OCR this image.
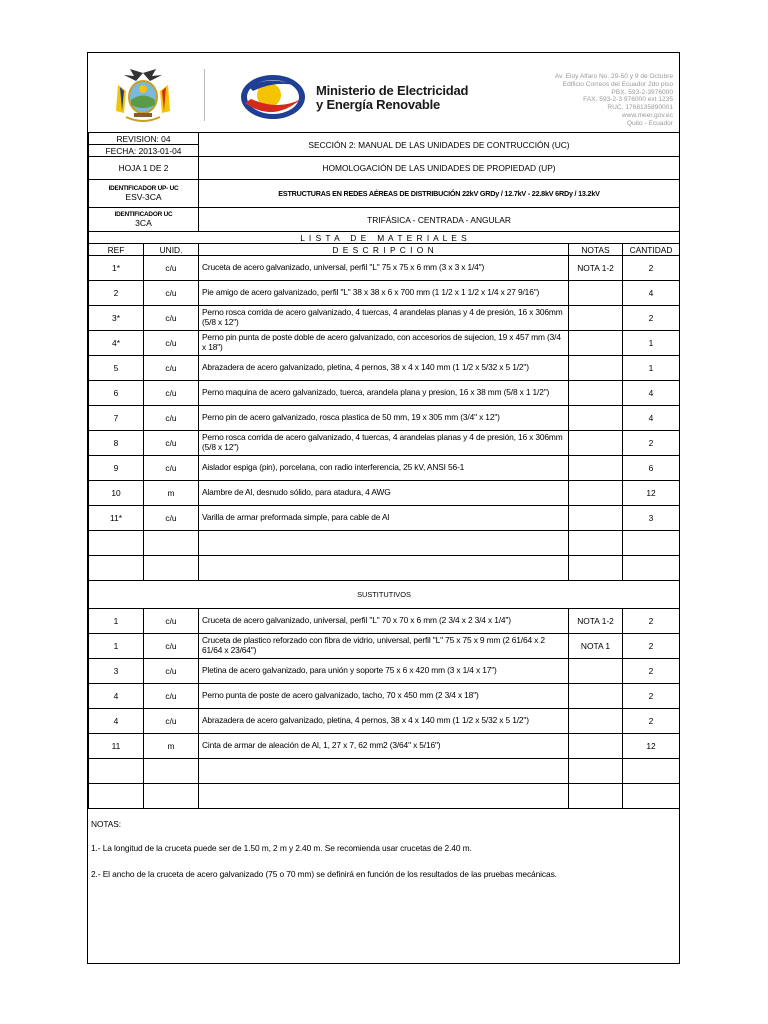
Ministerio de Electricidad
y Energía Renovable
Av. Eloy Alfaro No. 29-50 y 9 de Octubre
Edificio Correos del Ecuador 2do piso
PBX. 593-2-3976000
FAX. 593-2-3 976000 ext 1235
RUC. 1768135890001
www.meer.gov.ec
Quito - Ecuador
REVISION: 04		SECCIÓN 2: MANUAL DE LAS UNIDADES DE CONTRUCCIÓN (UC)		
FECHA: 2013-01-04				
HOJA 1 DE 2		HOMOLOGACIÓN DE LAS UNIDADES DE PROPIEDAD (UP)		

IDENTIFICADOR UP- UC
ESV-3CA		ESTRUCTURAS EN REDES AÉREAS DE DISTRIBUCIÓN 22kV GRDy / 12.7kV - 22.8kV 6RDy / 13.2kV		

IDENTIFICADOR UC
3CA		TRIFÁSICA - CENTRADA - ANGULAR		
L I S T A   D E   M A T E R I A L E S				
REF	UNID.	D E S C R I P C I O N	NOTAS	CANTIDAD
1*	c/u	Cruceta de acero galvanizado, universal, perfil "L" 75 x 75 x 6 mm (3 x 3 x 1/4")	NOTA 1-2	2
2	c/u	Pie amigo de acero galvanizado, perfil "L" 38 x 38 x 6 x 700 mm (1 1/2 x 1 1/2 x 1/4 x 27 9/16")		4
3*	c/u	Perno rosca corrida de acero galvanizado, 4 tuercas, 4 arandelas planas y 4 de presión, 16 x 306mm (5/8 x 12")		2
4*	c/u	Perno pin punta de poste doble de acero galvanizado, con accesorios de sujecion, 19 x 457 mm (3/4 x 18")		1
5	c/u	Abrazadera de acero galvanizado, pletina, 4 pernos, 38 x 4 x 140 mm (1 1/2 x 5/32 x 5 1/2")		1
6	c/u	Perno maquina de acero galvanizado, tuerca, arandela plana y presion, 16 x 38 mm (5/8 x 1 1/2")		4
7	c/u	Perno pin de acero galvanizado, rosca plastica de 50 mm, 19 x 305 mm (3/4" x 12")		4
8	c/u	Perno rosca corrida de acero galvanizado, 4 tuercas, 4 arandelas planas y 4 de presión, 16 x 306mm (5/8 x 12")		2
9	c/u	Aislador espiga (pin), porcelana, con radio interferencia, 25 kV, ANSI 56-1		6
10	m	Alambre de Al, desnudo sólido, para atadura, 4 AWG		12
11*	c/u	Varilla de armar preformada simple, para cable de Al		3

SUSTITUTIVOS				
1	c/u	Cruceta de acero galvanizado, universal, perfil "L" 70 x 70 x 6 mm (2 3/4 x 2 3/4 x 1/4")	NOTA 1-2	2
1	c/u	Cruceta de plastico reforzado con fibra de vidrio, universal, perfil "L" 75 x 75 x 9 mm (2 61/64 x 2 61/64 x 23/64")	NOTA 1	2
3	c/u	Pletina de acero galvanizado, para unión y soporte 75 x 6 x 420 mm (3 x 1/4 x 17")		2
4	c/u	Perno punta de poste de acero galvanizado, tacho, 70 x 450 mm (2 3/4 x 18")		2
4	c/u	Abrazadera de acero galvanizado, pletina, 4 pernos, 38 x 4 x 140 mm (1 1/2 x 5/32 x 5 1/2")		2
11	m	Cinta de armar de aleación de Al, 1, 27 x 7, 62 mm2 (3/64" x 5/16")		12

NOTAS:
1.- La longitud de la cruceta puede ser de 1.50 m, 2 m y 2.40 m. Se recomienda usar crucetas de 2.40 m.
2.- El ancho de la cruceta de acero galvanizado (75 o 70 mm) se definirá en función de los resultados de las pruebas mecánicas.
